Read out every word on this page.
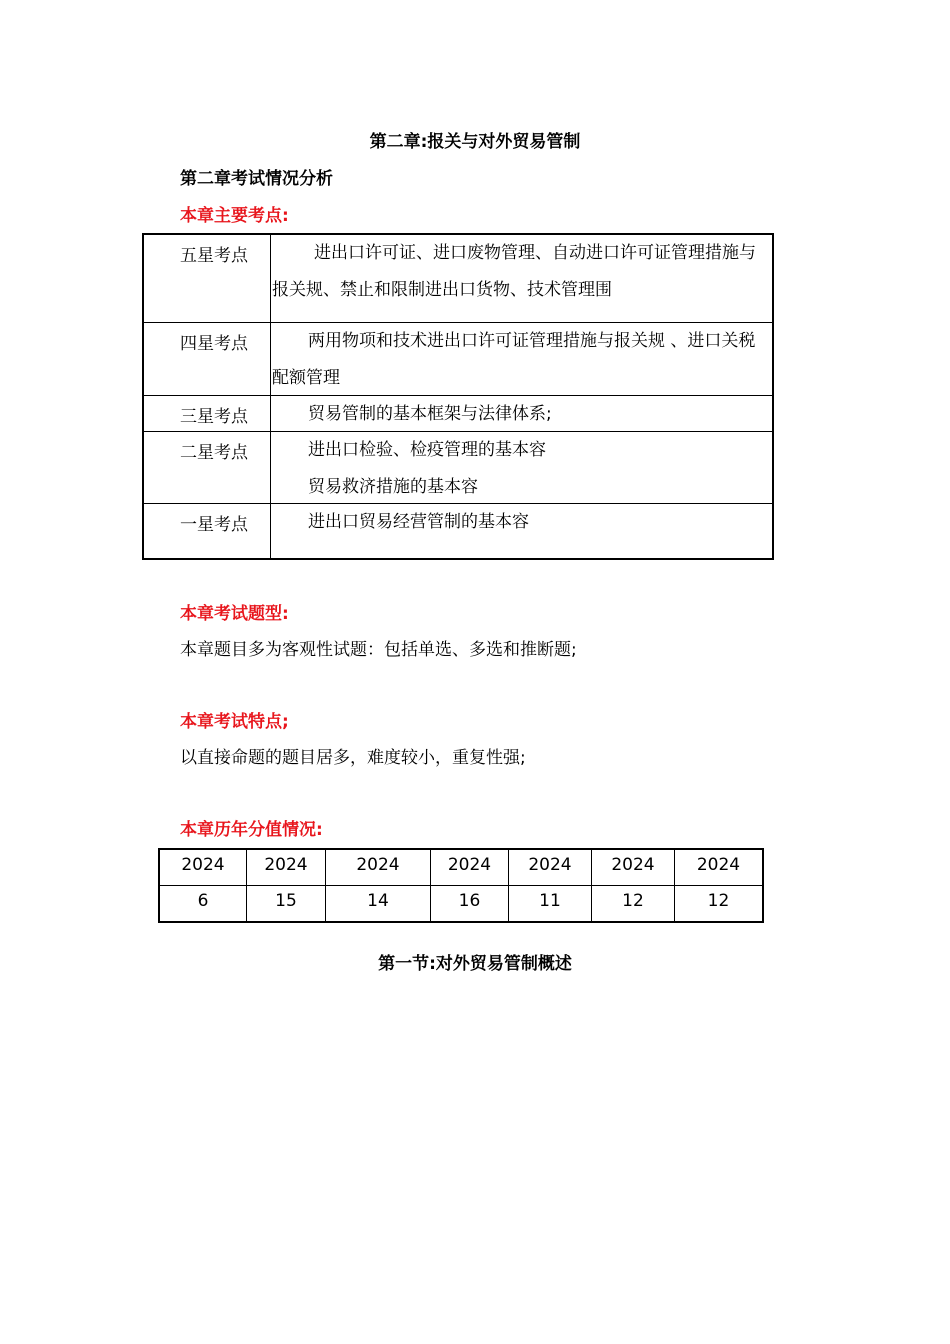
第二章:报关与对外贸易管制
第二章考试情况分析
本章主要考点:
五星考点	进出口许可证、进口废物管理、自动进口许可证管理措施与
报关规、禁止和限制进出口货物、技术管理围
四星考点	两用物项和技术进出口许可证管理措施与报关规 、进口关税
配额管理
三星考点	贸易管制的基本框架与法律体系;
二星考点	进出口检验、检疫管理的基本容
贸易救济措施的基本容
一星考点	进出口贸易经营管制的基本容
本章考试题型:
本章题目多为客观性试题：包括单选、多选和推断题;
本章考试特点;
以直接命题的题目居多，难度较小，重复性强;
本章历年分值情况:
2024	2024	2024	2024	2024	2024	2024
6	15	14	16	11	12	12
第一节:对外贸易管制概述
